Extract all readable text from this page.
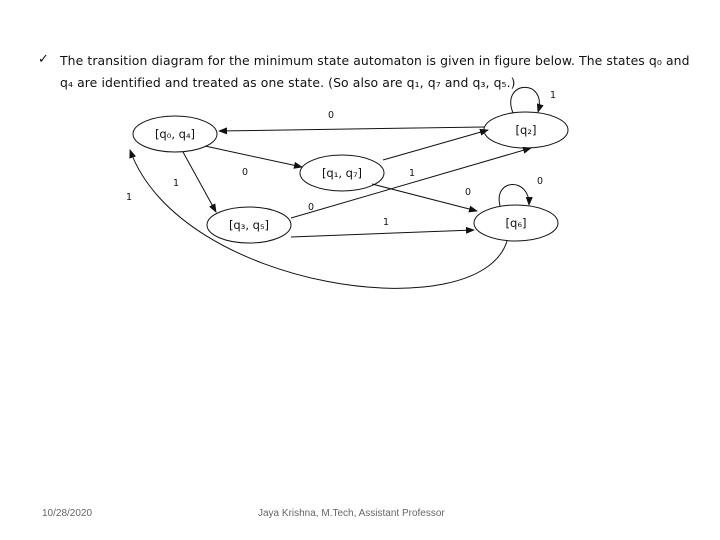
✓ The transition diagram for the minimum state automaton is given in figure below. The states q₀ and q₄ are identified and treated as one state. (So also are q₁, q₇ and q₃, q₅.)
[q₀, q₄]
[q₁, q₇]
[q₂]
[q₃, q₅]	[q₆]
0
1
1
0
0
1
0
1
0
1
10/28/2020	Jaya Krishna, M.Tech, Assistant Professor
